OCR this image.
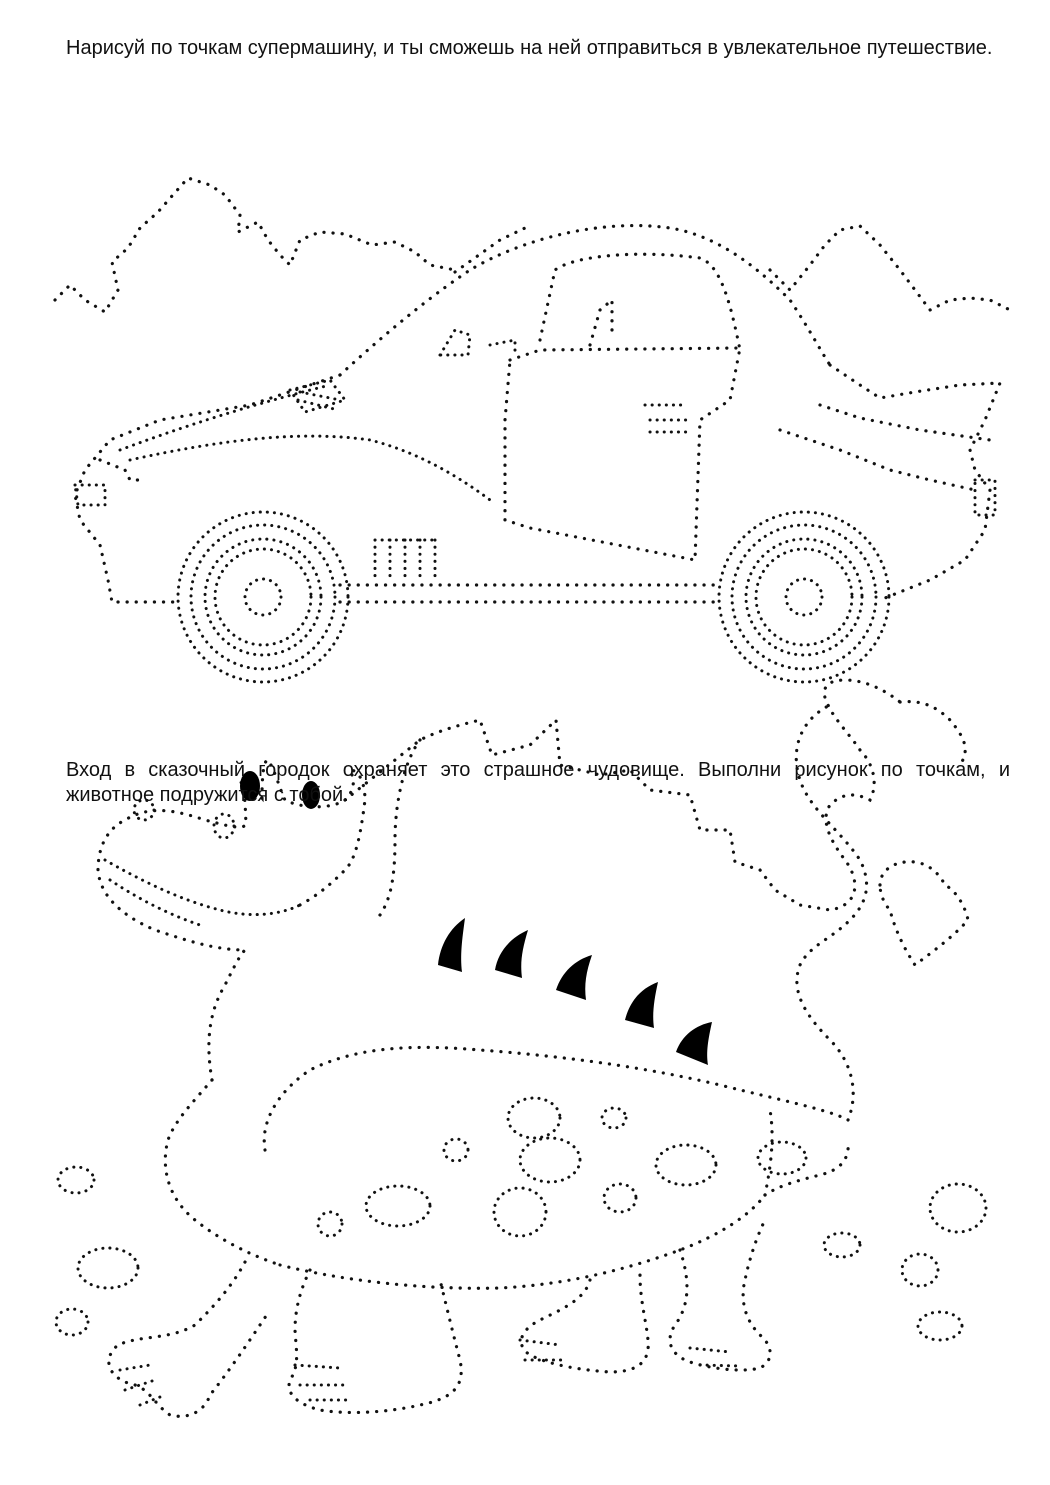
Нарисуй по точкам супермашину, и ты сможешь на ней отправиться в увлекательное путешествие.

Вход в сказочный городок охраняет это страшное чудовище. Выполни рисунок по точкам, и животное подружится с тобой.
